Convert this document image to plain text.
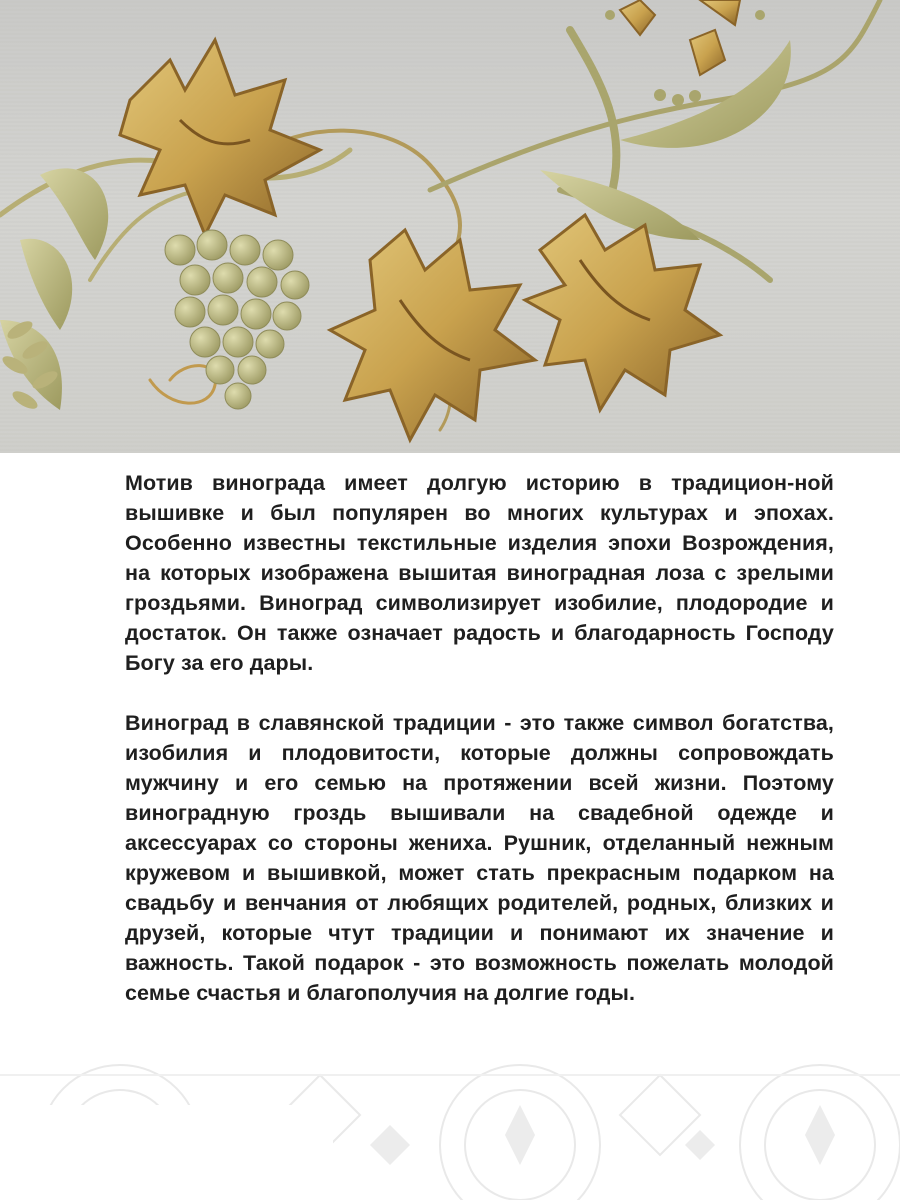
Мотив винограда имеет долгую историю в традицион-ной вышивке и был популярен во многих культурах и эпохах. Особенно известны текстильные изделия эпохи Возрождения, на которых изображена вышитая виноградная лоза с зрелыми гроздьями. Виноград символизирует изобилие, плодородие и достаток. Он также означает радость и благодарность Господу Богу за его дары.

Виноград в славянской традиции - это также символ богатства, изобилия и плодовитости, которые должны сопровождать мужчину и его семью на протяжении всей жизни. Поэтому виноградную гроздь вышивали на свадебной одежде и аксессуарах со стороны жениха. Рушник, отделанный нежным кружевом и вышивкой, может стать прекрасным подарком на свадьбу и венчания от любящих родителей, родных, близких и друзей, которые чтут традиции и понимают их значение и важность. Такой подарок - это возможность пожелать молодой семье счастья и благополучия на долгие годы.
